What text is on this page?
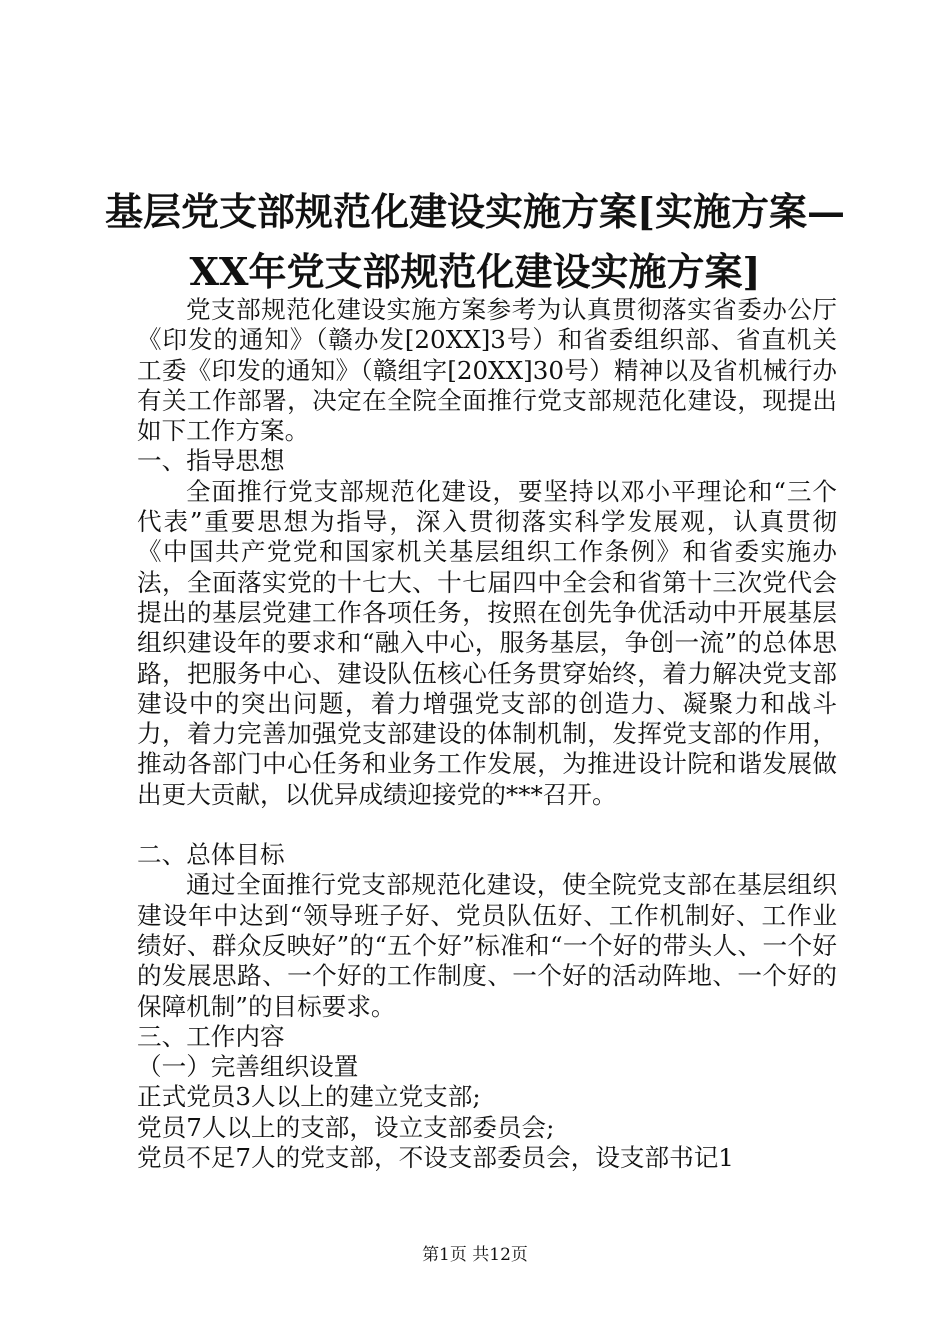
基层党支部规范化建设实施方案[实施方案—
XX年党支部规范化建设实施方案]

党支部规范化建设实施方案参考为认真贯彻落实省委办公厅《印发的通知》（赣办发[20XX]3号）和省委组织部、省直机关工委《印发的通知》（赣组字[20XX]30号）精神以及省机械行办有关工作部署，决定在全院全面推行党支部规范化建设，现提出如下工作方案。

一、指导思想

全面推行党支部规范化建设，要坚持以邓小平理论和“三个代表”重要思想为指导，深入贯彻落实科学发展观，认真贯彻《中国共产党党和国家机关基层组织工作条例》和省委实施办法，全面落实党的十七大、十七届四中全会和省第十三次党代会提出的基层党建工作各项任务，按照在创先争优活动中开展基层组织建设年的要求和“融入中心，服务基层，争创一流”的总体思路，把服务中心、建设队伍核心任务贯穿始终，着力解决党支部建设中的突出问题，着力增强党支部的创造力、凝聚力和战斗力，着力完善加强党支部建设的体制机制，发挥党支部的作用，推动各部门中心任务和业务工作发展，为推进设计院和谐发展做出更大贡献，以优异成绩迎接党的***召开。

二、总体目标

通过全面推行党支部规范化建设，使全院党支部在基层组织建设年中达到“领导班子好、党员队伍好、工作机制好、工作业绩好、群众反映好”的“五个好”标准和“一个好的带头人、一个好的发展思路、一个好的工作制度、一个好的活动阵地、一个好的保障机制”的目标要求。

三、工作内容

（一）完善组织设置

正式党员3人以上的建立党支部;

党员7人以上的支部，设立支部委员会;

党员不足7人的党支部，不设支部委员会，设支部书记1

第1页 共12页
